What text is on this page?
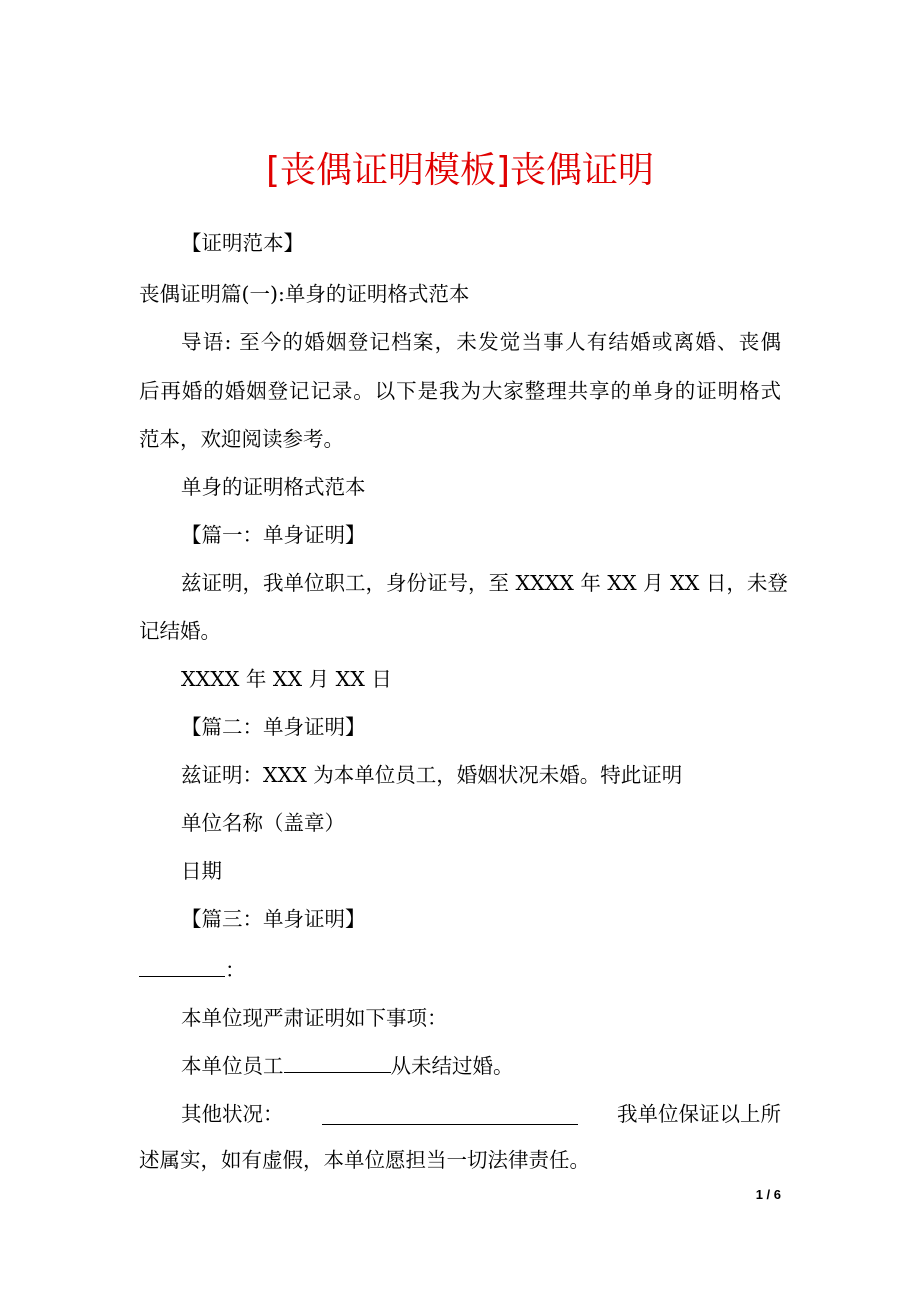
[丧偶证明模板]丧偶证明
【证明范本】
丧偶证明篇(一):单身的证明格式范本
导语: 至今的婚姻登记档案，未发觉当事人有结婚或离婚、丧偶
后再婚的婚姻登记记录。以下是我为大家整理共享的单身的证明格式
范本，欢迎阅读参考。
单身的证明格式范本
【篇一：单身证明】
兹证明，我单位职工，身份证号，至 XXXX 年 XX 月 XX 日，未登
记结婚。
XXXX 年 XX 月 XX 日
【篇二：单身证明】
兹证明：XXX 为本单位员工，婚姻状况未婚。特此证明
单位名称（盖章）
日期
【篇三：单身证明】
：
本单位现严肃证明如下事项：
本单位员工	从未结过婚。
其他状况：	我单位保证以上所
述属实，如有虚假，本单位愿担当一切法律责任。
1 / 6
